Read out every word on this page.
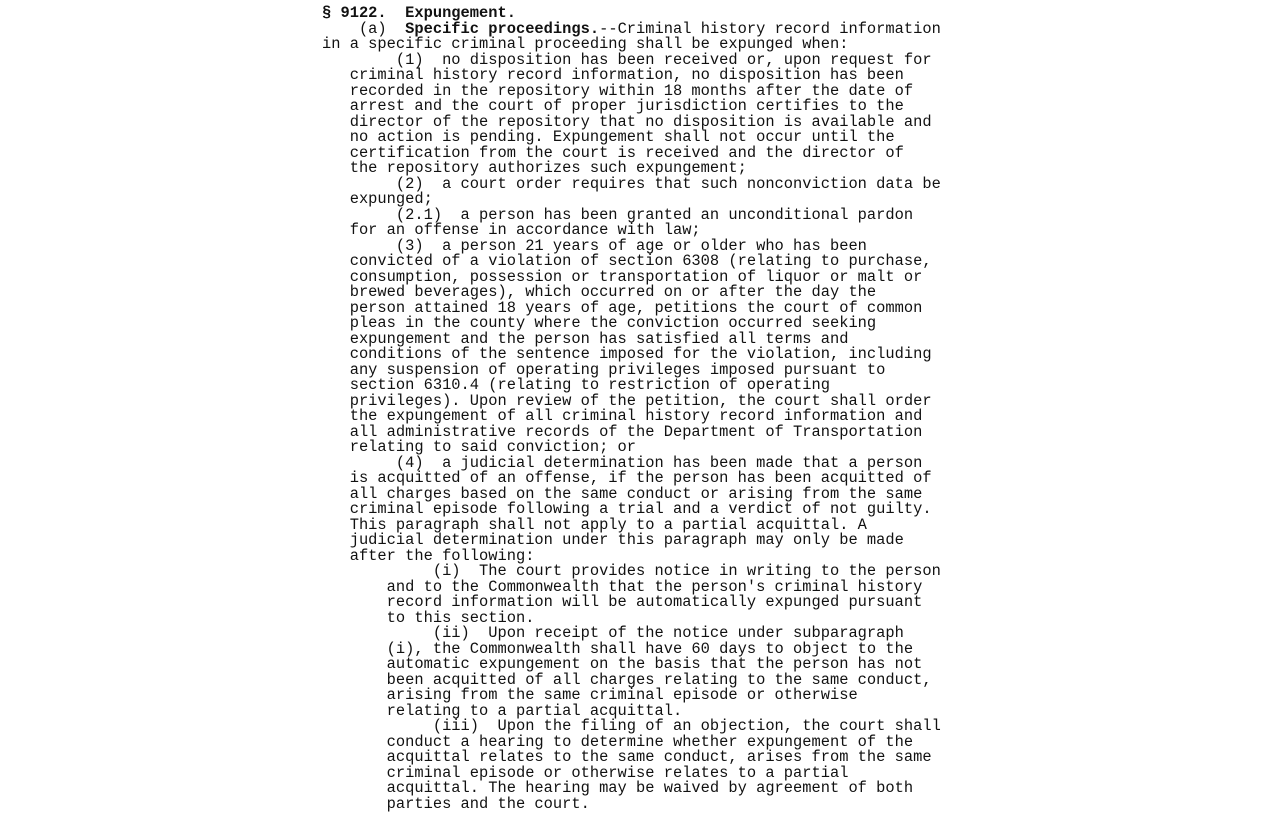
§ 9122.  Expungement.
(a)  Specific proceedings.--Criminal history record information
in a specific criminal proceeding shall be expunged when:
(1)  no disposition has been received or, upon request for
criminal history record information, no disposition has been
recorded in the repository within 18 months after the date of
arrest and the court of proper jurisdiction certifies to the
director of the repository that no disposition is available and
no action is pending. Expungement shall not occur until the
certification from the court is received and the director of
the repository authorizes such expungement;
(2)  a court order requires that such nonconviction data be
expunged;
(2.1)  a person has been granted an unconditional pardon
for an offense in accordance with law;
(3)  a person 21 years of age or older who has been
convicted of a violation of section 6308 (relating to purchase,
consumption, possession or transportation of liquor or malt or
brewed beverages), which occurred on or after the day the
person attained 18 years of age, petitions the court of common
pleas in the county where the conviction occurred seeking
expungement and the person has satisfied all terms and
conditions of the sentence imposed for the violation, including
any suspension of operating privileges imposed pursuant to
section 6310.4 (relating to restriction of operating
privileges). Upon review of the petition, the court shall order
the expungement of all criminal history record information and
all administrative records of the Department of Transportation
relating to said conviction; or
(4)  a judicial determination has been made that a person
is acquitted of an offense, if the person has been acquitted of
all charges based on the same conduct or arising from the same
criminal episode following a trial and a verdict of not guilty.
This paragraph shall not apply to a partial acquittal. A
judicial determination under this paragraph may only be made
after the following:
(i)  The court provides notice in writing to the person
and to the Commonwealth that the person's criminal history
record information will be automatically expunged pursuant
to this section.
(ii)  Upon receipt of the notice under subparagraph
(i), the Commonwealth shall have 60 days to object to the
automatic expungement on the basis that the person has not
been acquitted of all charges relating to the same conduct,
arising from the same criminal episode or otherwise
relating to a partial acquittal.
(iii)  Upon the filing of an objection, the court shall
conduct a hearing to determine whether expungement of the
acquittal relates to the same conduct, arises from the same
criminal episode or otherwise relates to a partial
acquittal. The hearing may be waived by agreement of both
parties and the court.
